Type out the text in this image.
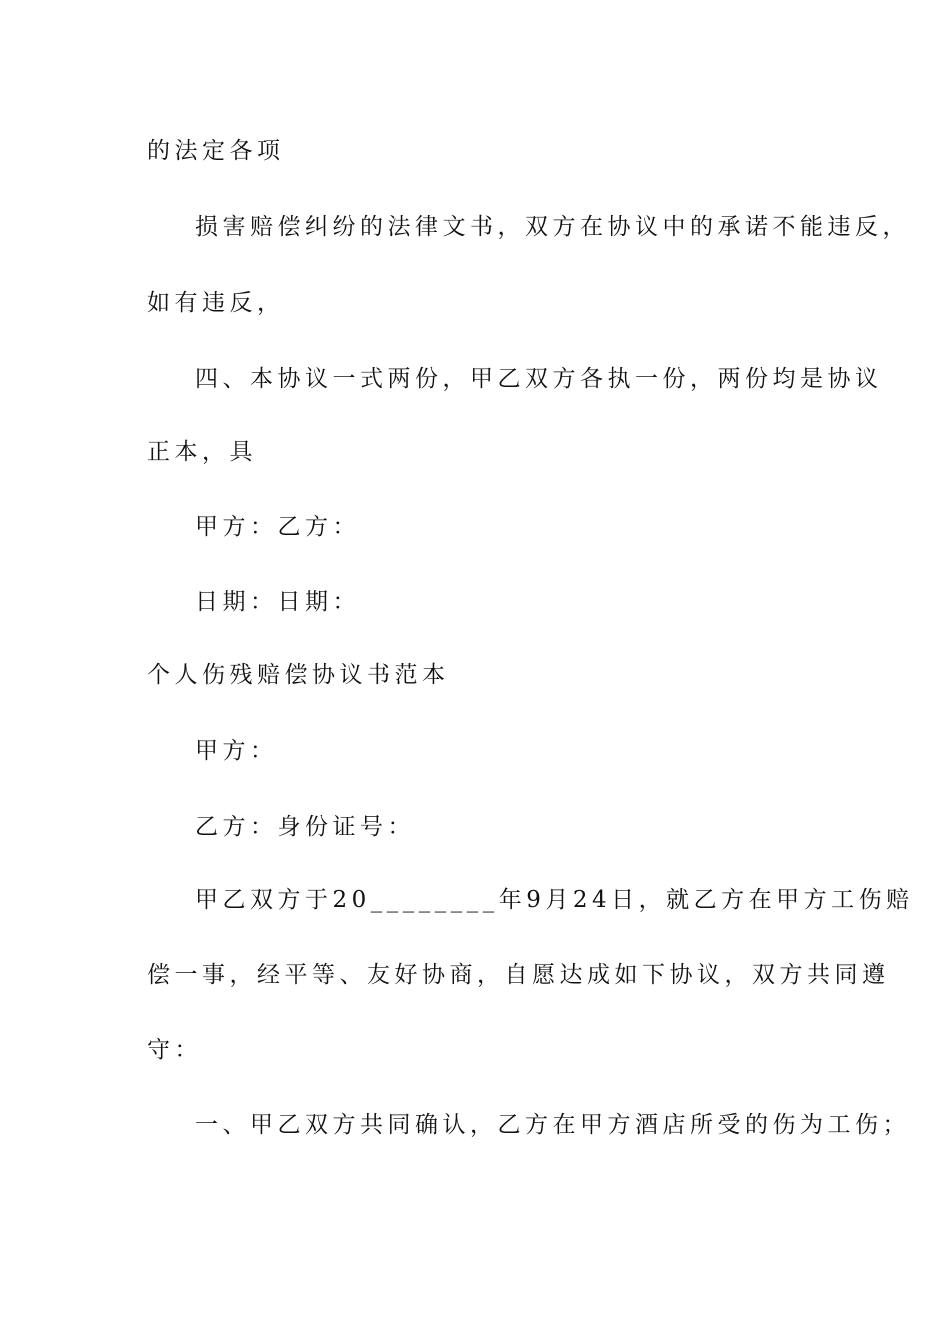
的法定各项
损害赔偿纠纷的法律文书，双方在协议中的承诺不能违反，
如有违反，
四、本协议一式两份，甲乙双方各执一份，两份均是协议
正本，具
甲方：乙方：
日期：日期：
个人伤残赔偿协议书范本
甲方：
乙方：身份证号：
甲乙双方于20________年9月24日，就乙方在甲方工伤赔
偿一事，经平等、友好协商，自愿达成如下协议，双方共同遵
守：
一、甲乙双方共同确认，乙方在甲方酒店所受的伤为工伤；
